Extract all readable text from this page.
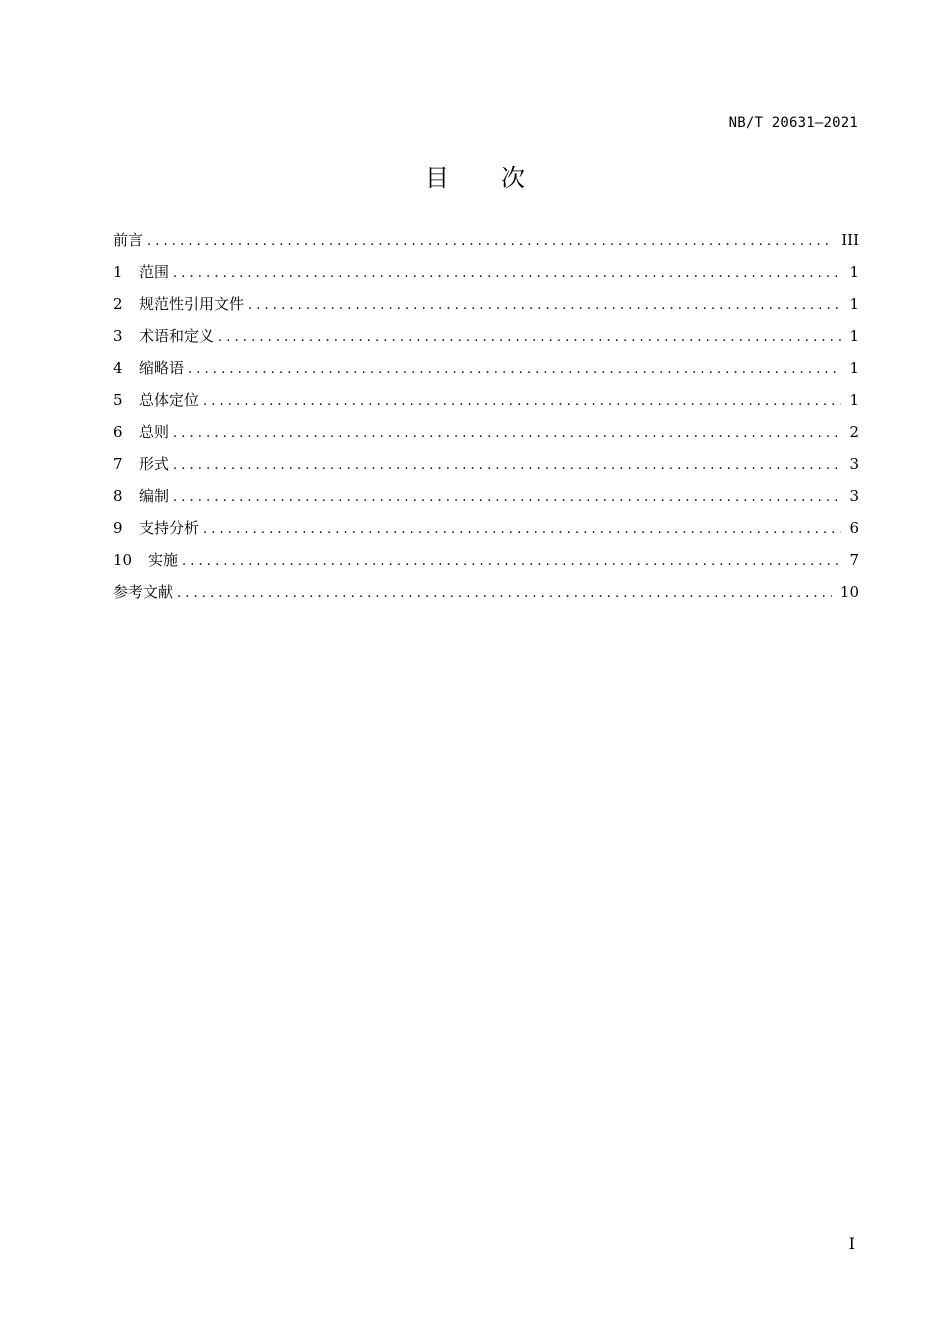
NB/T 20631—2021
目 次
前言 . . .	III
1	范围 . . .	1
2	规范性引用文件 . . .	1
3	术语和定义 . . .	1
4	缩略语 . . .	1
5	总体定位 . . .	1
6	总则 . . .	2
7	形式 . . .	3
8	编制 . . .	3
9	支持分析 . . .	6
10	实施 . . .	7
参考文献 . . .	10
I
